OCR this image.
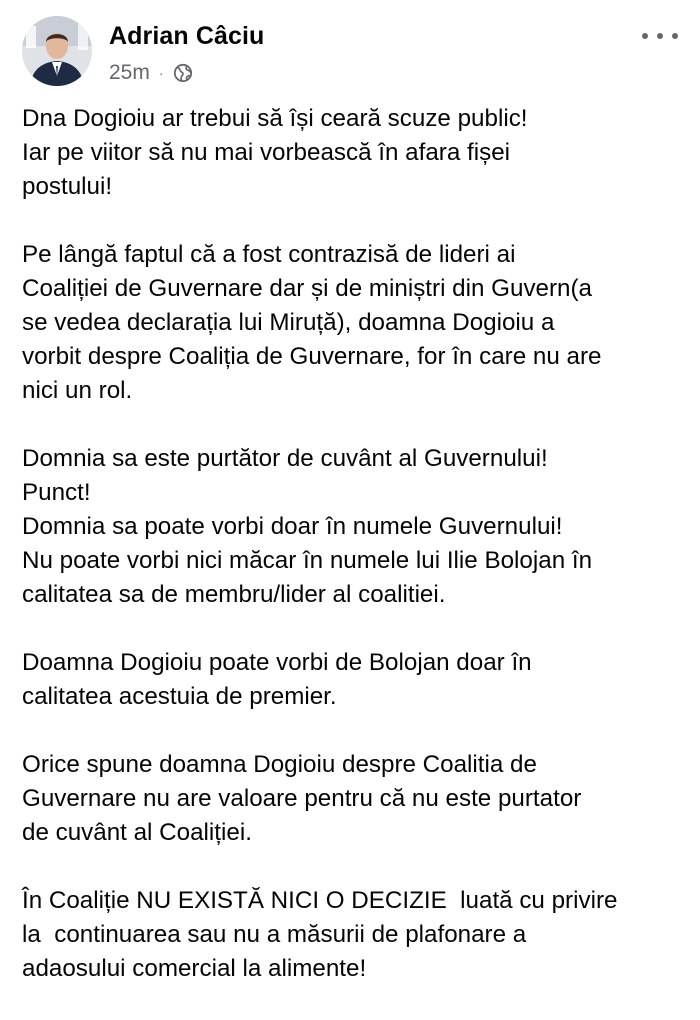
Adrian Câciu
25m ·

Dna Dogioiu ar trebui să își ceară scuze public!
Iar pe viitor să nu mai vorbească în afara fișei
postului!

Pe lângă faptul că a fost contrazisă de lideri ai
Coaliției de Guvernare dar și de miniștri din Guvern(a
se vedea declarația lui Miruță), doamna Dogioiu a
vorbit despre Coaliția de Guvernare, for în care nu are
nici un rol.

Domnia sa este purtător de cuvânt al Guvernului!
Punct!
Domnia sa poate vorbi doar în numele Guvernului!
Nu poate vorbi nici măcar în numele lui Ilie Bolojan în
calitatea sa de membru/lider al coalitiei.

Doamna Dogioiu poate vorbi de Bolojan doar în
calitatea acestuia de premier.

Orice spune doamna Dogioiu despre Coalitia de
Guvernare nu are valoare pentru că nu este purtator
de cuvânt al Coaliției.

În Coaliție NU EXISTĂ NICI O DECIZIE  luată cu privire
la  continuarea sau nu a măsurii de plafonare a
adaosului comercial la alimente!
